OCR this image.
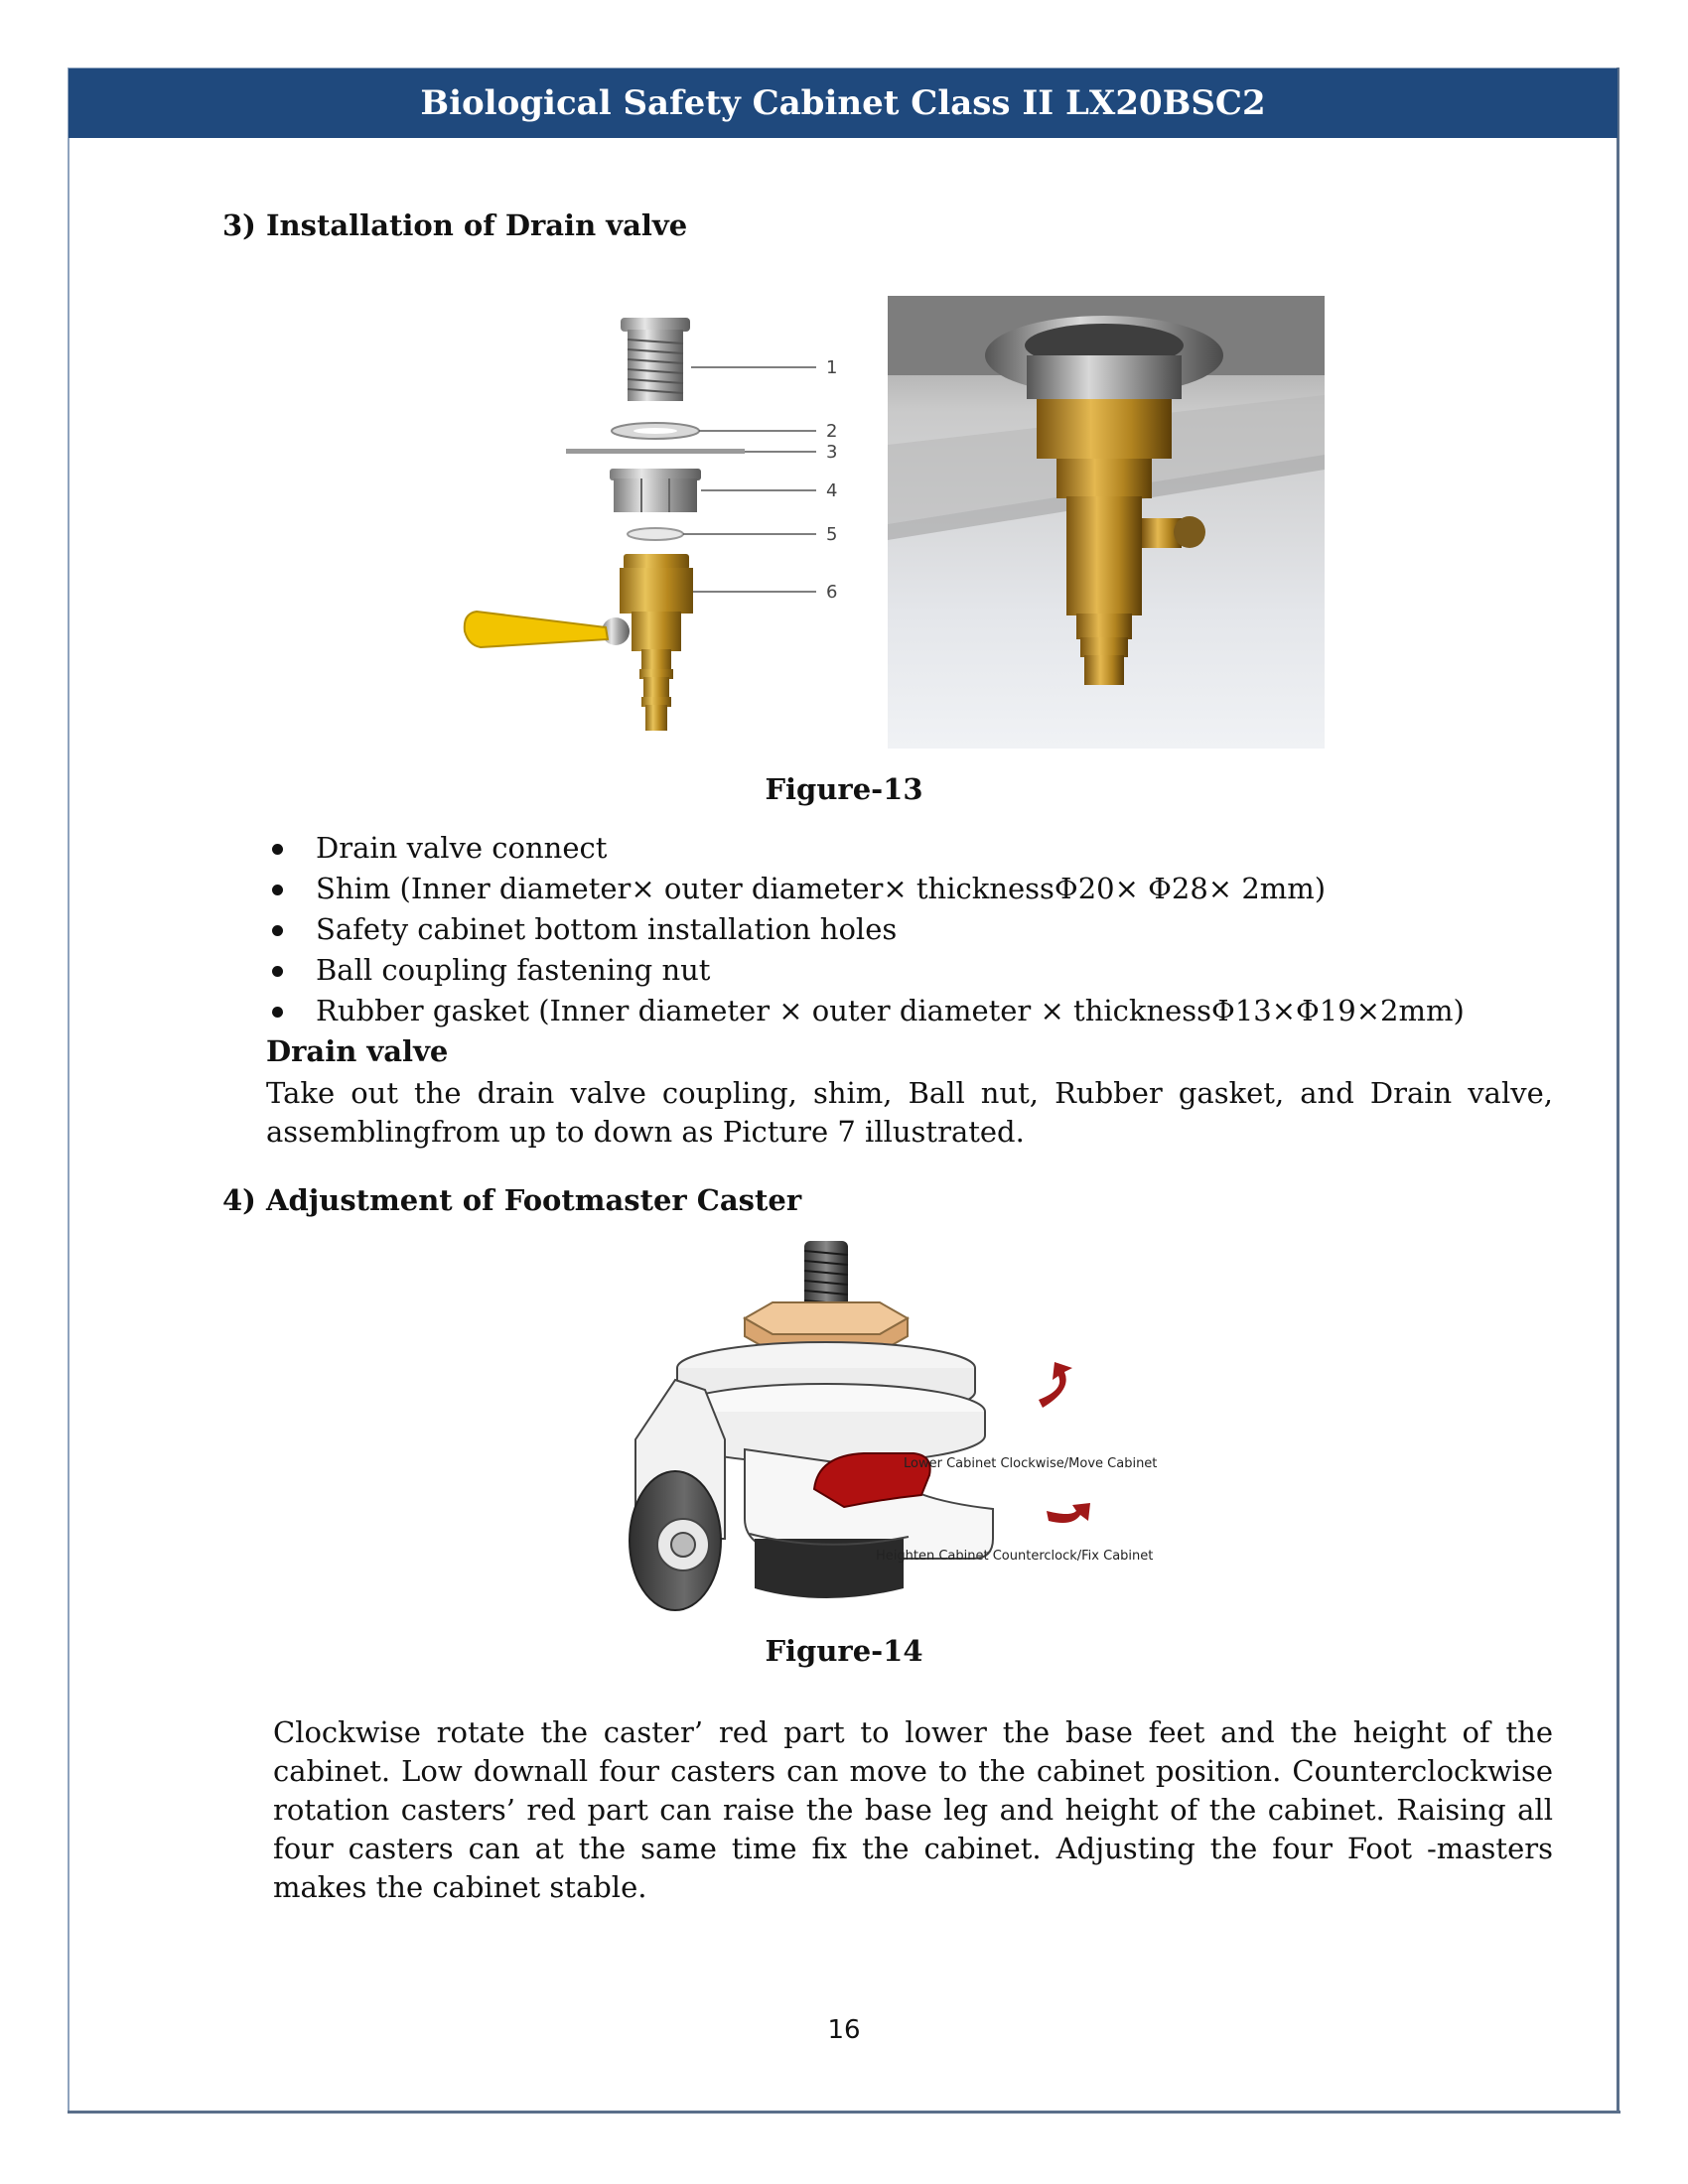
Biological Safety Cabinet Class II LX20BSC2
3) Installation of Drain valve
1
2
3
4
5
6
Figure-13
Drain valve connect
Shim (Inner diameter× outer diameter× thicknessΦ20× Φ28× 2mm)
Safety cabinet bottom installation holes
Ball coupling fastening nut
Rubber gasket (Inner diameter × outer diameter × thicknessΦ13×Φ19×2mm)
Drain valve
Take out the drain valve coupling, shim, Ball nut, Rubber gasket, and Drain valve, assemblingfrom up to down as Picture 7 illustrated.
4) Adjustment of Footmaster Caster
Lower Cabinet Clockwise/Move Cabinet
Heighten Cabinet Counterclock/Fix Cabinet
Figure-14
Clockwise rotate the caster’ red part to lower the base feet and the height of the cabinet. Low downall four casters can move to the cabinet position. Counterclockwise rotation casters’ red part can raise the base leg and height of the cabinet. Raising all four casters can at the same time fix the cabinet. Adjusting the four Foot -masters makes the cabinet stable.
16
